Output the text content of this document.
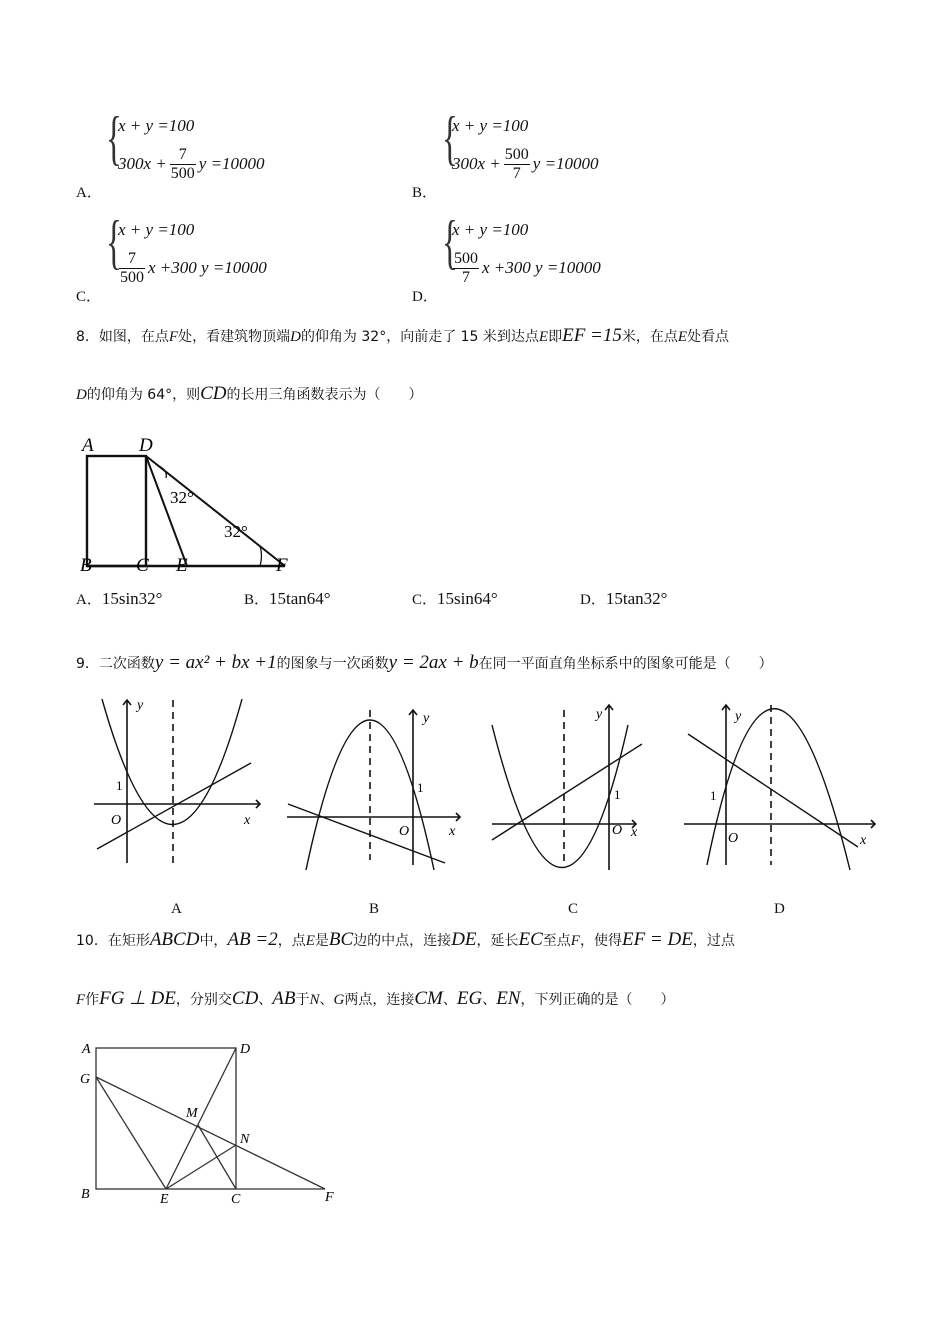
A．
{
x + y =100
$300x + \frac{7}{500}$ y =10000
B．
{
x + y =100
$300x + \frac{500}{7}$ y =10000
C．
{
x + y =100
$\frac{7}{500}$ x +300 y =10000
D．
{
x + y =100
$\frac{500}{7}$ x +300 y =10000
8．如图，在点F处，看建筑物顶端D的仰角为 32°，向前走了 15 米到达点E即EF =15米，在点E处看点
D的仰角为 64°，则CD的长用三角函数表示为（　　）
A D
B C E	F
32°
32°
A．15sin32°	B．15tan64°	C．15sin64°	D．15tan32°
9．二次函数y = ax² + bx +1的图象与一次函数y = 2ax + b在同一平面直角坐标系中的图象可能是（　　）
y
x
O
1
y
x
O
1
y
x
O
1
y
x
O
1
A	B	C	D
10．在矩形ABCD中，AB =2，点E是BC边的中点，连接DE，延长EC至点F，使得EF = DE，过点
F作FG ⊥ DE，分别交CD、AB于N、G两点，连接CM、EG、EN，下列正确的是（　　）
A	D
G
M
N
B	E	C	F
